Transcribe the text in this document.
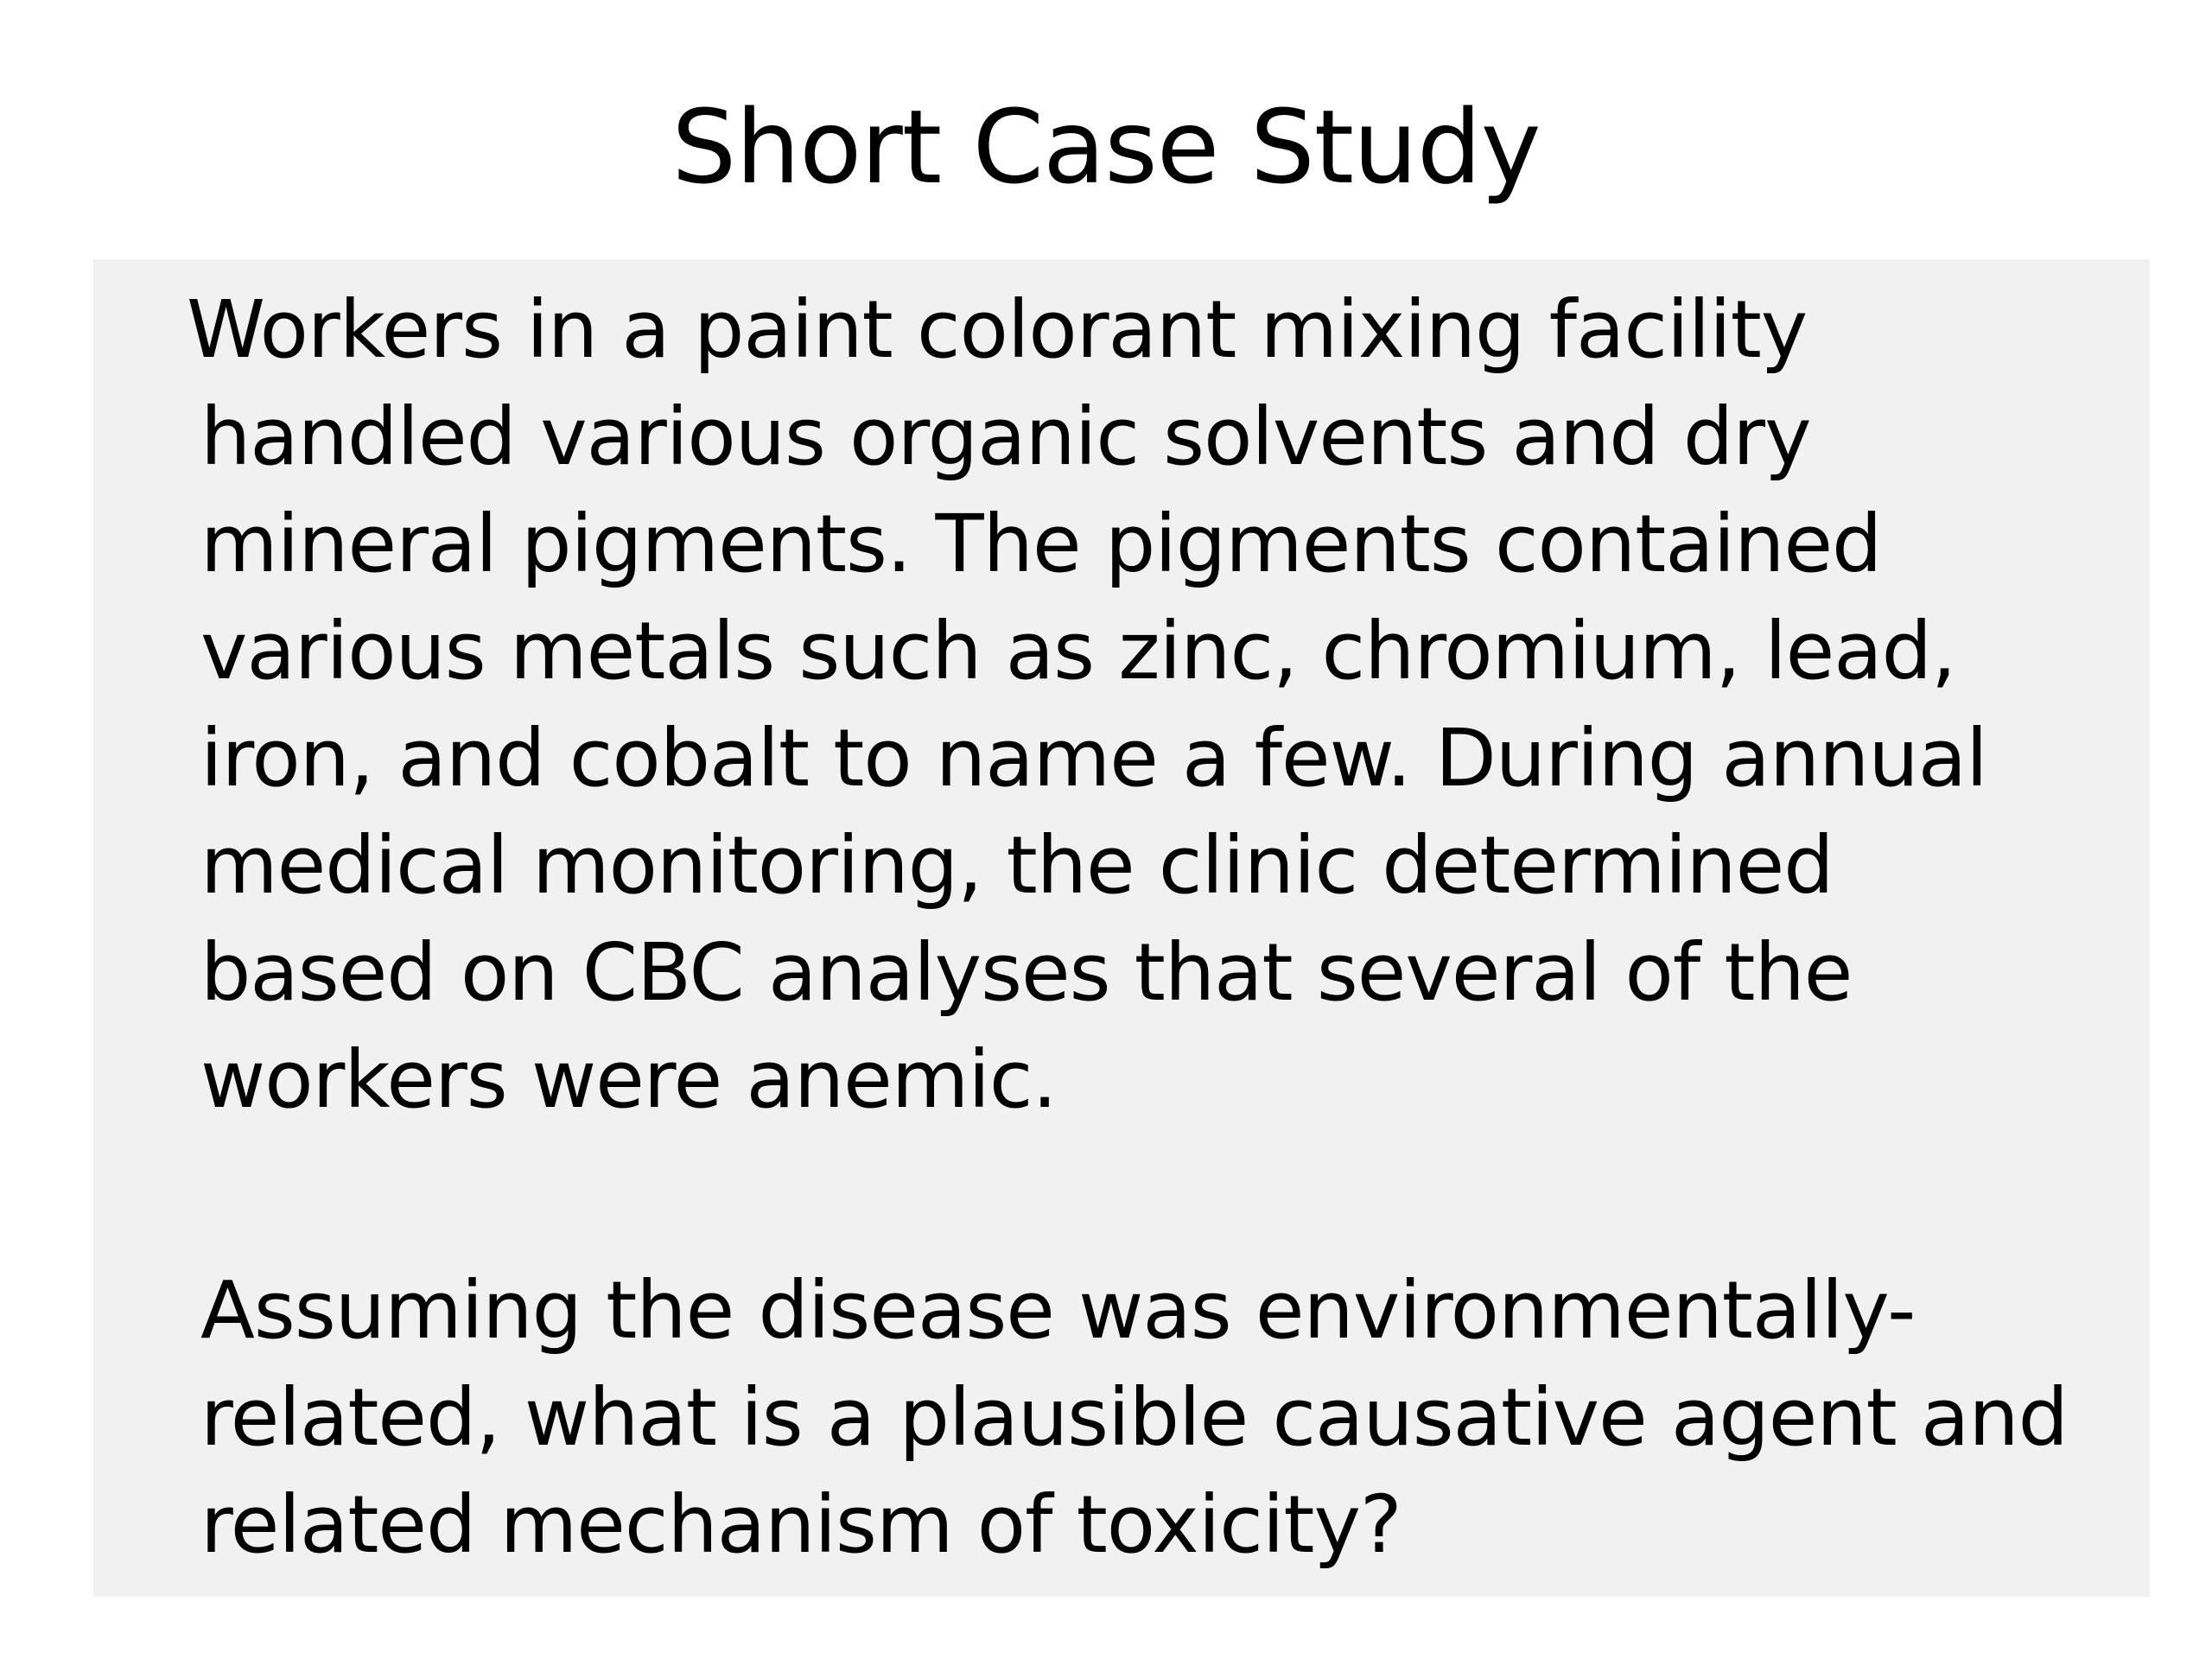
Short Case Study
Workers in a paint colorant mixing facility
handled various organic solvents and dry
mineral pigments. The pigments contained
various metals such as zinc, chromium, lead,
iron, and cobalt to name a few. During annual
medical monitoring, the clinic determined
based on CBC analyses that several of the
workers were anemic.
Assuming the disease was environmentally-
related, what is a plausible causative agent and
related mechanism of toxicity?
